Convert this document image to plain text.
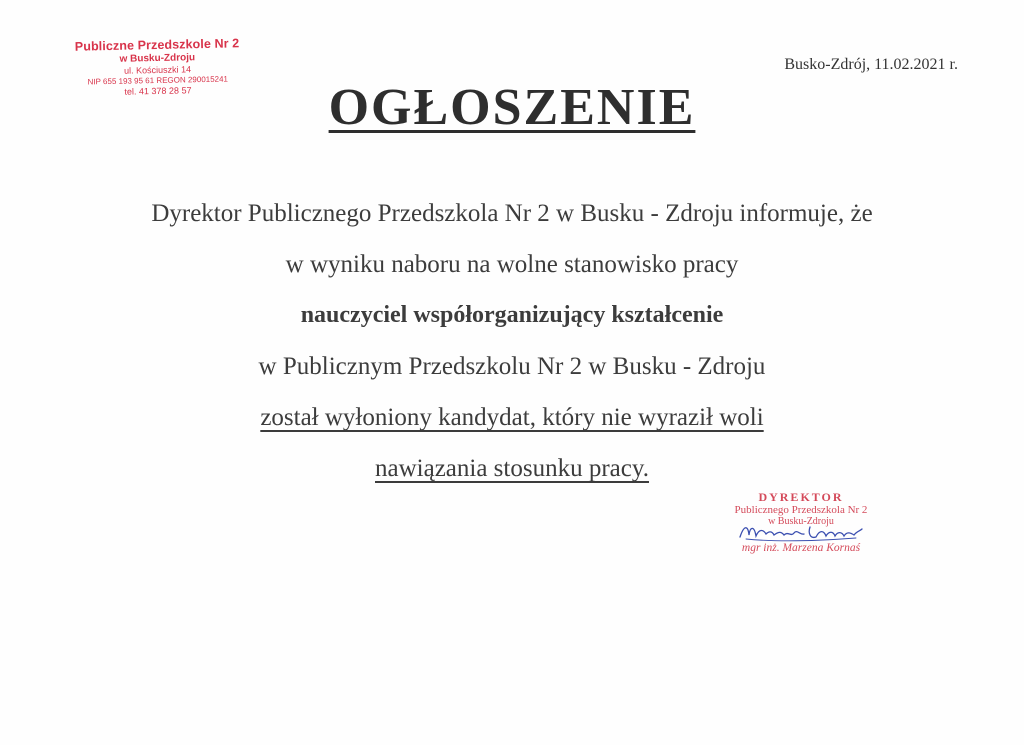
Publiczne Przedszkole Nr 2
w Busku-Zdroju
ul. Kościuszki 14
NIP 655 193 95 61 REGON 290015241
tel. 41 378 28 57
Busko-Zdrój, 11.02.2021 r.
OGŁOSZENIE
Dyrektor Publicznego Przedszkola Nr 2 w Busku - Zdroju informuje, że
w wyniku naboru na wolne stanowisko pracy
nauczyciel współorganizujący kształcenie
w Publicznym Przedszkolu Nr 2 w Busku - Zdroju
został wyłoniony kandydat, który nie wyraził woli
nawiązania stosunku pracy.
DYREKTOR
Publicznego Przedszkola Nr 2
w Busku-Zdroju
mgr inż. Marzena Kornaś
